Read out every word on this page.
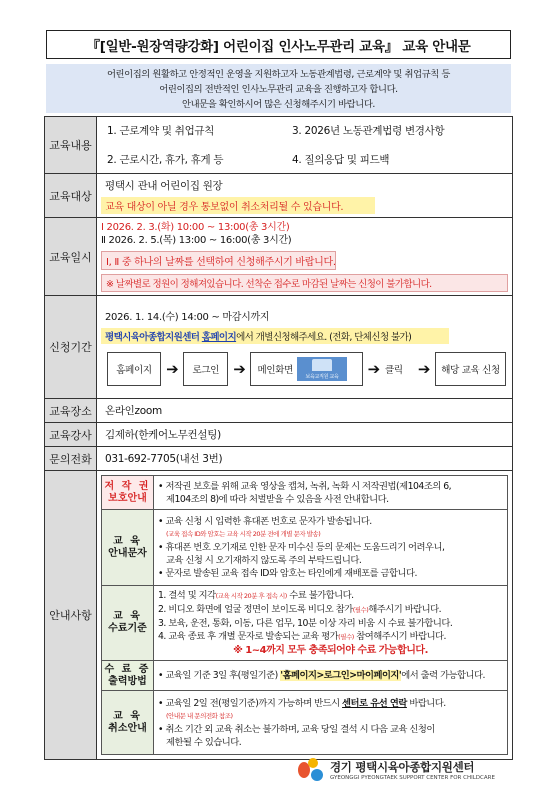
『[일반-원장역량강화] 어린이집 인사노무관리 교육』 교육 안내문
어린이집의 원활하고 안정적인 운영을 지원하고자 노동관계법령, 근로계약 및 취업규칙 등
어린이집의 전반적인 인사노무관리 교육을 진행하고자 합니다.
안내문을 확인하시어 많은 신청해주시기 바랍니다.
교육내용	
1. 근로계약 및 취업규칙	3. 2026년 노동관계법령 변경사항
2. 근로시간, 휴가, 휴게 등	4. 질의응답 및 피드백

교육대상	
평택시 관내 어린이집 원장
교육 대상이 아닐 경우 통보없이 취소처리될 수 있습니다.
교육일시	
Ⅰ 2026. 2. 3.(화) 10:00 ~ 13:00(총 3시간)
Ⅱ 2026. 2. 5.(목) 13:00 ~ 16:00(총 3시간)
Ⅰ, Ⅱ 중 하나의 날짜를 선택하여 신청해주시기 바랍니다.
※ 날짜별로 정원이 정해져있습니다. 선착순 접수로 마감된 날짜는 신청이 불가합니다.

신청기간	
2026. 1. 14.(수) 14:00 ~ 마감시까지
평택시육아종합지원센터 홈페이지에서 개별신청해주세요. (전화, 단체신청 불가)
홈페이지 ➔	로그인 ➔	메인화면
보육교직원 교육	➔ 클릭	➔	해당 교육 신청

교육장소	온라인zoom
교육강사	김제하(한케어노무컨설팅)
문의전화	031-692-7705(내선 3번)
안내사항	
저 작 권
보호안내

• 저작권 보호를 위해 교육 영상을 캡쳐, 녹취, 녹화 시 저작권법(제104조의 6,
제104조의 8)에 따라 처벌받을 수 있음을 사전 안내합니다.

교 육
안내문자

• 교육 신청 시 입력한 휴대폰 번호로 문자가 발송됩니다.
(교육 접속 ID와 암호는 교육 시작 20분 전에 개별 문자 발송)
• 휴대폰 번호 오기재로 인한 문자 미수신 등의 문제는 도움드리기 어려우니,
교육 신청 시 오기재하지 않도록 주의 부탁드립니다.
• 문자로 발송된 교육 접속 ID와 암호는 타인에게 재배포를 금합니다.

교 육
수료기준

1. 결석 및 지각(교육 시작 20분 후 접속 시) 수료 불가합니다.
2. 비디오 화면에 얼굴 정면이 보이도록 비디오 참가(필수)해주시기 바랍니다.
3. 보육, 운전, 통화, 이동, 다른 업무, 10분 이상 자리 비움 시 수료 불가합니다.
4. 교육 종료 후 개별 문자로 발송되는 교육 평가(필수) 참여해주시기 바랍니다.
※ 1~4까지 모두 충족되어야 수료 가능합니다.

수 료 증
출력방법	• 교육일 기준 3일 후(평일기준) '홈페이지>로그인>마이페이지'에서 출력 가능합니다.

교 육
취소안내

• 교육일 2일 전(평일기준)까지 가능하며 반드시 센터로 유선 연락 바랍니다.
(안내문 내 문의전화 참조)
• 취소 기간 외 교육 취소는 불가하며, 교육 당일 결석 시 다음 교육 신청이
제한될 수 있습니다.
경기 평택시육아종합지원센터
GYEONGGI PYEONGTAEK SUPPORT CENTER FOR CHILDCARE
